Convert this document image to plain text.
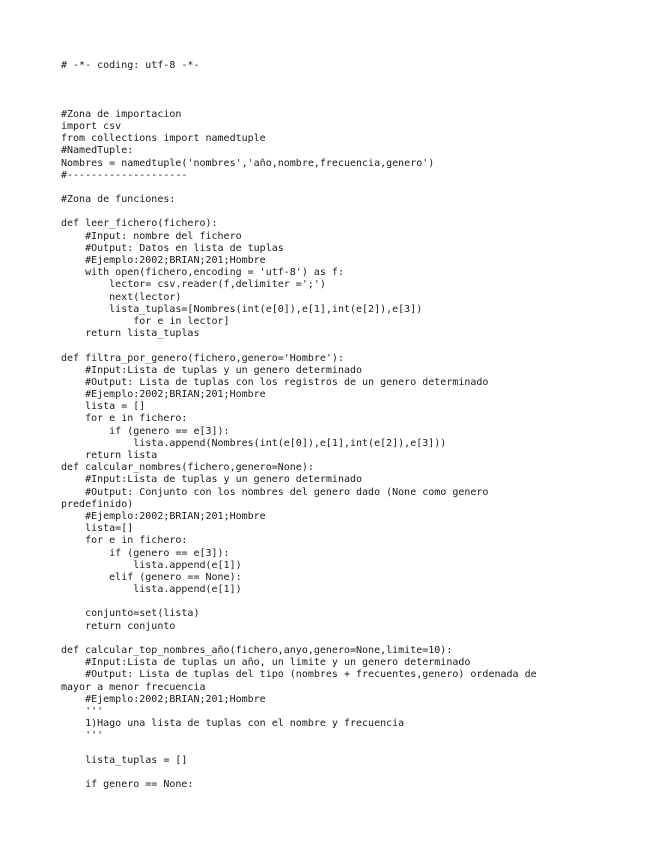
# -*- coding: utf-8 -*-
#Zona de importacion
import csv
from collections import namedtuple
#NamedTuple:
Nombres = namedtuple('nombres','año,nombre,frecuencia,genero')
#--------------------
#Zona de funciones:
def leer_fichero(fichero):
#Input: nombre del fichero
#Output: Datos en lista de tuplas
#Ejemplo:2002;BRIAN;201;Hombre
with open(fichero,encoding = 'utf-8') as f:
lector= csv.reader(f,delimiter =';')
next(lector)
lista_tuplas=[Nombres(int(e[0]),e[1],int(e[2]),e[3])
for e in lector]
return lista_tuplas
def filtra_por_genero(fichero,genero='Hombre'):
#Input:Lista de tuplas y un genero determinado
#Output: Lista de tuplas con los registros de un genero determinado
#Ejemplo:2002;BRIAN;201;Hombre
lista = []
for e in fichero:
if (genero == e[3]):
lista.append(Nombres(int(e[0]),e[1],int(e[2]),e[3]))
return lista
def calcular_nombres(fichero,genero=None):
#Input:Lista de tuplas y un genero determinado
#Output: Conjunto con los nombres del genero dado (None como genero
predefinido)
#Ejemplo:2002;BRIAN;201;Hombre
lista=[]
for e in fichero:
if (genero == e[3]):
lista.append(e[1])
elif (genero == None):
lista.append(e[1])
conjunto=set(lista)
return conjunto
def calcular_top_nombres_año(fichero,anyo,genero=None,limite=10):
#Input:Lista de tuplas un año, un limite y un genero determinado
#Output: Lista de tuplas del tipo (nombres + frecuentes,genero) ordenada de
mayor a menor frecuencia
#Ejemplo:2002;BRIAN;201;Hombre
'''
1)Hago una lista de tuplas con el nombre y frecuencia
'''
lista_tuplas = []
if genero == None:
